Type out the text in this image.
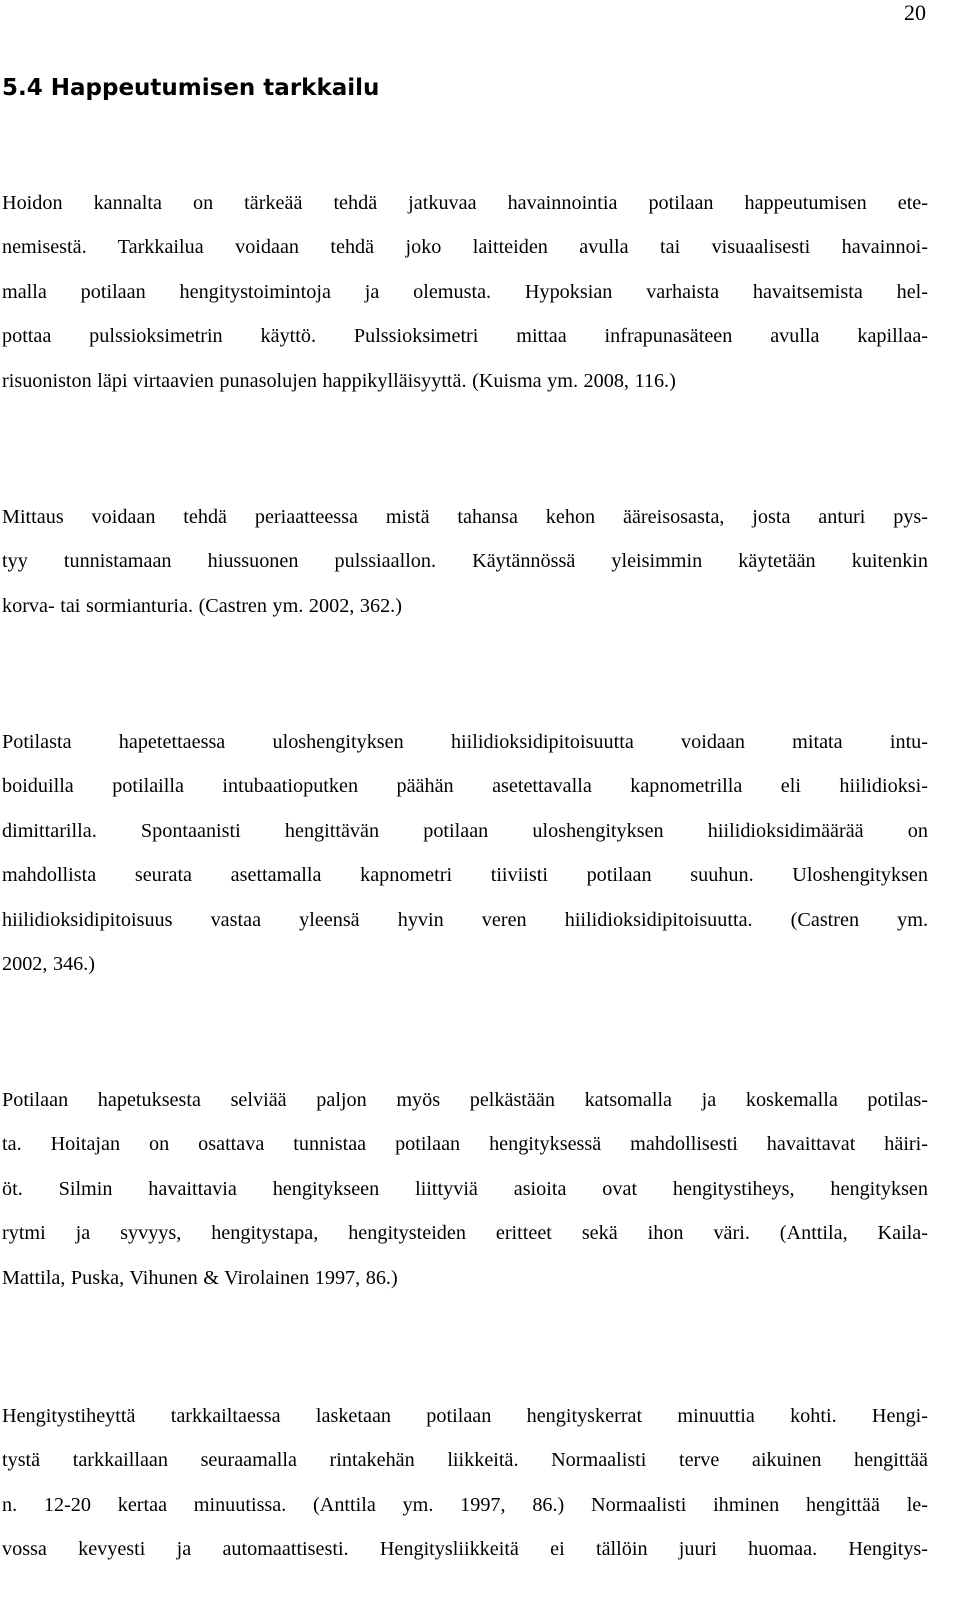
20
5.4 Happeutumisen tarkkailu
Hoidon kannalta on tärkeää tehdä jatkuvaa havainnointia potilaan happeutumisen ete-
nemisestä. Tarkkailua voidaan tehdä joko laitteiden avulla tai visuaalisesti havainnoi-
malla potilaan hengitystoimintoja ja olemusta. Hypoksian varhaista havaitsemista hel-
pottaa pulssioksimetrin käyttö. Pulssioksimetri mittaa infrapunasäteen avulla kapillaa-
risuoniston läpi virtaavien punasolujen happikylläisyyttä. (Kuisma ym. 2008, 116.)
Mittaus voidaan tehdä periaatteessa mistä tahansa kehon ääreisosasta, josta anturi pys-
tyy tunnistamaan hiussuonen pulssiaallon. Käytännössä yleisimmin käytetään kuitenkin
korva- tai sormianturia. (Castren ym. 2002, 362.)
Potilasta hapetettaessa uloshengityksen hiilidioksidipitoisuutta voidaan mitata intu-
boiduilla potilailla intubaatioputken päähän asetettavalla kapnometrilla eli hiilidioksi-
dimittarilla. Spontaanisti hengittävän potilaan uloshengityksen hiilidioksidimäärää on
mahdollista seurata asettamalla kapnometri tiiviisti potilaan suuhun. Uloshengityksen
hiilidioksidipitoisuus vastaa yleensä hyvin veren hiilidioksidipitoisuutta. (Castren ym.
2002, 346.)
Potilaan hapetuksesta selviää paljon myös pelkästään katsomalla ja koskemalla potilas-
ta. Hoitajan on osattava tunnistaa potilaan hengityksessä mahdollisesti havaittavat häiri-
öt. Silmin havaittavia hengitykseen liittyviä asioita ovat hengitystiheys, hengityksen
rytmi ja syvyys, hengitystapa, hengitysteiden eritteet sekä ihon väri. (Anttila, Kaila-
Mattila, Puska, Vihunen & Virolainen 1997, 86.)
Hengitystiheyttä tarkkailtaessa lasketaan potilaan hengityskerrat minuuttia kohti. Hengi-
tystä tarkkaillaan seuraamalla rintakehän liikkeitä. Normaalisti terve aikuinen hengittää
n. 12-20 kertaa minuutissa. (Anttila ym. 1997, 86.) Normaalisti ihminen hengittää le-
vossa kevyesti ja automaattisesti. Hengitysliikkeitä ei tällöin juuri huomaa. Hengitys-
